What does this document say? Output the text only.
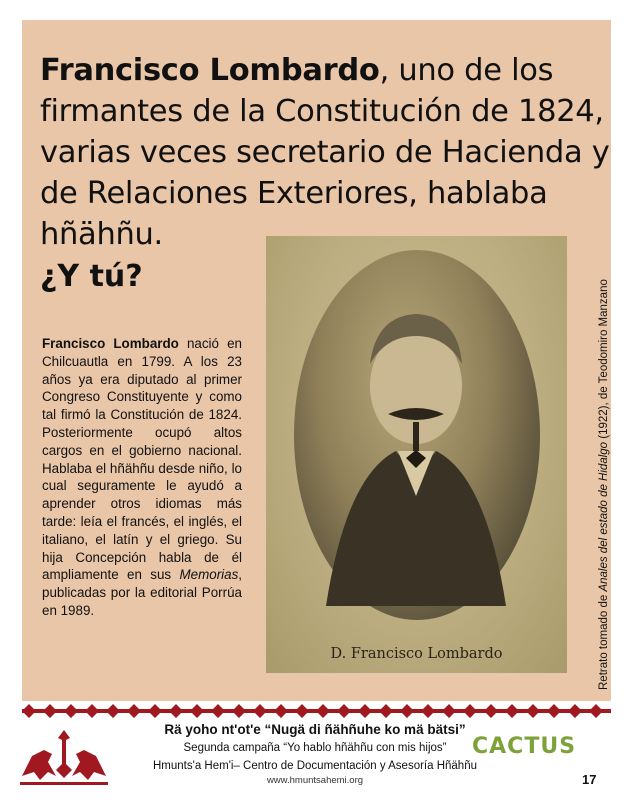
Francisco Lombardo, uno de los firmantes de la Constitución de 1824, varias veces secretario de Hacienda y de Relaciones Exteriores, hablaba hñähñu.
¿Y tú?
Francisco Lombardo nació en Chilcuautla en 1799. A los 23 años ya era diputado al primer Congreso Constituyente y como tal firmó la Constitución de 1824. Posteriormente ocupó altos cargos en el gobierno nacional. Hablaba el hñähñu desde niño, lo cual seguramente le ayudó a aprender otros idiomas más tarde: leía el francés, el inglés, el italiano, el latín y el griego. Su hija Concepción habla de él ampliamente en sus Memorias, publicadas por la editorial Porrúa en 1989.
D. Francisco Lombardo	Retrato tomado de Anales del estado de Hidalgo (1922), de Teodomiro Manzano
Rä yoho nt'ot'e “Nugä di ñähñuhe ko mä bätsi”
Segunda campaña “Yo hablo hñähñu con mis hijos”
Hmunts'a Hem'i– Centro de Documentación y Asesoría Hñähñu
www.hmuntsahemi.org
CACTUS
17
